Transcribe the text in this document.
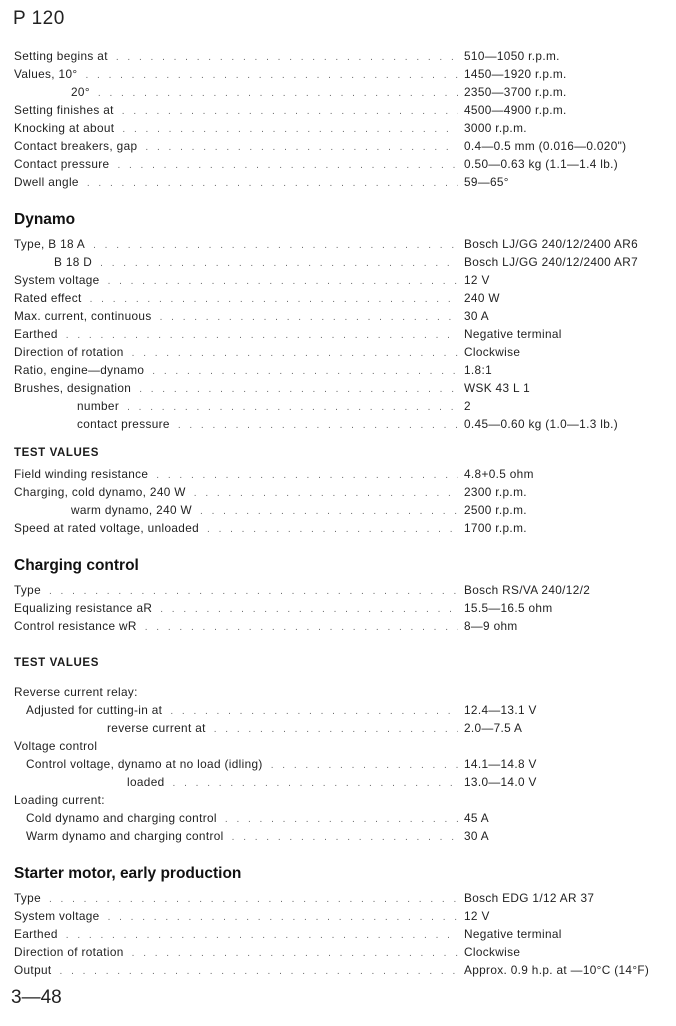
P 120
Setting begins at . . .	510—1050 r.p.m.
Values, 10° . . .	1450—1920 r.p.m.
20° . . .	2350—3700 r.p.m.
Setting finishes at . . .	4500—4900 r.p.m.
Knocking at about . . .	3000 r.p.m.
Contact breakers, gap . . .	0.4—0.5 mm (0.016—0.020")
Contact pressure . . .	0.50—0.63 kg (1.1—1.4 lb.)
Dwell angle . . .	59—65°
Dynamo
Type, B 18 A . . .	Bosch LJ/GG 240/12/2400 AR6
B 18 D . . .	Bosch LJ/GG 240/12/2400 AR7
System voltage . . .	12 V
Rated effect . . .	240 W
Max. current, continuous . . .	30 A
Earthed . . .	Negative terminal
Direction of rotation . . .	Clockwise
Ratio, engine—dynamo . . .	1.8:1
Brushes, designation . . .	WSK 43 L 1
number . . .	2
contact pressure . . .	0.45—0.60 kg (1.0—1.3 lb.)
TEST VALUES
Field winding resistance . . .	4.8+0.5 ohm
Charging, cold dynamo, 240 W . . .	2300 r.p.m.
warm dynamo, 240 W . . .	2500 r.p.m.
Speed at rated voltage, unloaded . . .	1700 r.p.m.
Charging control
Type . . .	Bosch RS/VA 240/12/2
Equalizing resistance aR . . .	15.5—16.5 ohm
Control resistance wR . . .	8—9 ohm
TEST VALUES
Reverse current relay:
Adjusted for cutting-in at . . .	12.4—13.1 V
reverse current at . . .	2.0—7.5 A
Voltage control
Control voltage, dynamo at no load (idling) . . .	14.1—14.8 V
loaded . . .	13.0—14.0 V
Loading current:
Cold dynamo and charging control . . .	45 A
Warm dynamo and charging control . . .	30 A
Starter motor, early production
Type . . .	Bosch EDG 1/12 AR 37
System voltage . . .	12 V
Earthed . . .	Negative terminal
Direction of rotation . . .	Clockwise
Output . . .	Approx. 0.9 h.p. at —10°C (14°F)
3—48
